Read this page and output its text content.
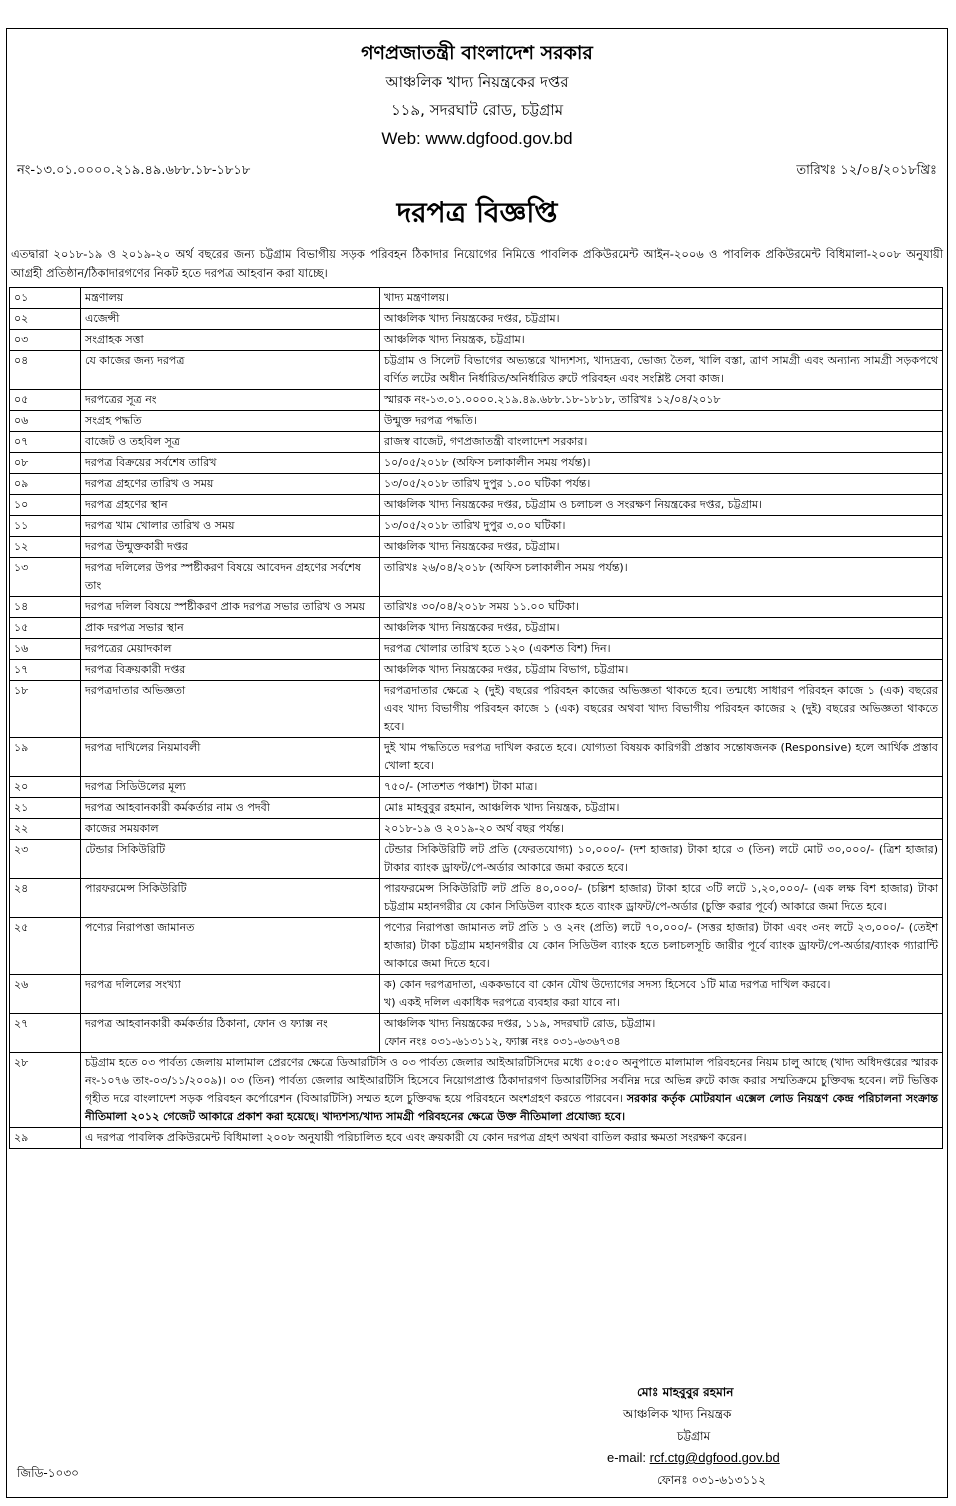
গণপ্রজাতন্ত্রী বাংলাদেশ সরকার
আঞ্চলিক খাদ্য নিয়ন্ত্রকের দপ্তর
১১৯, সদরঘাট রোড, চট্টগ্রাম
Web: www.dgfood.gov.bd
নং-১৩.০১.০০০০.২১৯.৪৯.৬৮৮.১৮-১৮১৮	তারিখঃ ১২/০৪/২০১৮খ্রিঃ
দরপত্র বিজ্ঞপ্তি
এতদ্বারা ২০১৮-১৯ ও ২০১৯-২০ অর্থ বছরের জন্য চট্টগ্রাম বিভাগীয় সড়ক পরিবহন ঠিকাদার নিয়োগের নিমিত্তে পাবলিক প্রকিউরমেন্ট আইন-২০০৬ ও পাবলিক প্রকিউরমেন্ট বিধিমালা-২০০৮ অনুযায়ী আগ্রহী প্রতিষ্ঠান/ঠিকাদারগণের নিকট হতে দরপত্র আহবান করা যাচ্ছে।
০১	মন্ত্রণালয়	খাদ্য মন্ত্রণালয়।
০২	এজেন্সী	আঞ্চলিক খাদ্য নিয়ন্ত্রকের দপ্তর, চট্টগ্রাম।
০৩	সংগ্রাহক সত্তা	আঞ্চলিক খাদ্য নিয়ন্ত্রক, চট্টগ্রাম।
০৪	যে কাজের জন্য দরপত্র	চট্টগ্রাম ও সিলেট বিভাগের অভ্যন্তরে খাদ্যশস্য, খাদ্যদ্রব্য, ভোজ্য তৈল, খালি বস্তা, ত্রাণ সামগ্রী এবং অন্যান্য সামগ্রী সড়কপথে বর্ণিত লটের অধীন নির্ধারিত/অনির্ধারিত রুটে পরিবহন এবং সংশ্লিষ্ট সেবা কাজ।
০৫	দরপত্রের সূত্র নং	স্মারক নং-১৩.০১.০০০০.২১৯.৪৯.৬৮৮.১৮-১৮১৮, তারিখঃ ১২/০৪/২০১৮
০৬	সংগ্রহ পদ্ধতি	উন্মুক্ত দরপত্র পদ্ধতি।
০৭	বাজেট ও তহবিল সূত্র	রাজস্ব বাজেট, গণপ্রজাতন্ত্রী বাংলাদেশ সরকার।
০৮	দরপত্র বিক্রয়ের সর্বশেষ তারিখ	১০/০৫/২০১৮ (অফিস চলাকালীন সময় পর্যন্ত)।
০৯	দরপত্র গ্রহণের তারিখ ও সময়	১৩/০৫/২০১৮ তারিখ দুপুর ১.০০ ঘটিকা পর্যন্ত।
১০	দরপত্র গ্রহণের স্থান	আঞ্চলিক খাদ্য নিয়ন্ত্রকের দপ্তর, চট্টগ্রাম ও চলাচল ও সংরক্ষণ নিয়ন্ত্রকের দপ্তর, চট্টগ্রাম।
১১	দরপত্র খাম খোলার তারিখ ও সময়	১৩/০৫/২০১৮ তারিখ দুপুর ৩.০০ ঘটিকা।
১২	দরপত্র উন্মুক্তকারী দপ্তর	আঞ্চলিক খাদ্য নিয়ন্ত্রকের দপ্তর, চট্টগ্রাম।
১৩	দরপত্র দলিলের উপর স্পষ্টীকরণ বিষয়ে আবেদন গ্রহণের সর্বশেষ তাং	তারিখঃ ২৬/০৪/২০১৮ (অফিস চলাকালীন সময় পর্যন্ত)।
১৪	দরপত্র দলিল বিষয়ে স্পষ্টীকরণ প্রাক দরপত্র সভার তারিখ ও সময়	তারিখঃ ৩০/০৪/২০১৮ সময় ১১.০০ ঘটিকা।
১৫	প্রাক দরপত্র সভার স্থান	আঞ্চলিক খাদ্য নিয়ন্ত্রকের দপ্তর, চট্টগ্রাম।
১৬	দরপত্রের মেয়াদকাল	দরপত্র খোলার তারিখ হতে ১২০ (একশত বিশ) দিন।
১৭	দরপত্র বিক্রয়কারী দপ্তর	আঞ্চলিক খাদ্য নিয়ন্ত্রকের দপ্তর, চট্টগ্রাম বিভাগ, চট্টগ্রাম।
১৮	দরপত্রদাতার অভিজ্ঞতা	দরপত্রদাতার ক্ষেত্রে ২ (দুই) বছরের পরিবহন কাজের অভিজ্ঞতা থাকতে হবে। তন্মধ্যে সাধারণ পরিবহন কাজে ১ (এক) বছরের এবং খাদ্য বিভাগীয় পরিবহন কাজে ১ (এক) বছরের অথবা খাদ্য বিভাগীয় পরিবহন কাজের ২ (দুই) বছরের অভিজ্ঞতা থাকতে হবে।
১৯	দরপত্র দাখিলের নিয়মাবলী	দুই খাম পদ্ধতিতে দরপত্র দাখিল করতে হবে। যোগ্যতা বিষয়ক কারিগরী প্রস্তাব সন্তোষজনক (Responsive) হলে আর্থিক প্রস্তাব খোলা হবে।
২০	দরপত্র সিডিউলের মূল্য	৭৫০/- (সাতশত পঞ্চাশ) টাকা মাত্র।
২১	দরপত্র আহবানকারী কর্মকর্তার নাম ও পদবী	মোঃ মাহবুবুর রহমান, আঞ্চলিক খাদ্য নিয়ন্ত্রক, চট্টগ্রাম।
২২	কাজের সময়কাল	২০১৮-১৯ ও ২০১৯-২০ অর্থ বছর পর্যন্ত।
২৩	টেন্ডার সিকিউরিটি	টেন্ডার সিকিউরিটি লট প্রতি (ফেরতযোগ্য) ১০,০০০/- (দশ হাজার) টাকা হারে ৩ (তিন) লটে মোট ৩০,০০০/- (ত্রিশ হাজার) টাকার ব্যাংক ড্রাফট/পে-অর্ডার আকারে জমা করতে হবে।
২৪	পারফরমেন্স সিকিউরিটি	পারফরমেন্স সিকিউরিটি লট প্রতি ৪০,০০০/- (চল্লিশ হাজার) টাকা হারে ৩টি লটে ১,২০,০০০/- (এক লক্ষ বিশ হাজার) টাকা চট্টগ্রাম মহানগরীর যে কোন সিডিউল ব্যাংক হতে ব্যাংক ড্রাফট/পে-অর্ডার (চুক্তি করার পূর্বে) আকারে জমা দিতে হবে।
২৫	পণ্যের নিরাপত্তা জামানত	পণ্যের নিরাপত্তা জামানত লট প্রতি ১ ও ২নং (প্রতি) লটে ৭০,০০০/- (সত্তর হাজার) টাকা এবং ৩নং লটে ২৩,০০০/- (তেইশ হাজার) টাকা চট্টগ্রাম মহানগরীর যে কোন সিডিউল ব্যাংক হতে চলাচলসূচি জারীর পূর্বে ব্যাংক ড্রাফট/পে-অর্ডার/ব্যাংক গ্যারান্টি আকারে জমা দিতে হবে।
২৬	দরপত্র দলিলের সংখ্যা	ক) কোন দরপত্রদাতা, এককভাবে বা কোন যৌথ উদ্যোগের সদস্য হিসেবে ১টি মাত্র দরপত্র দাখিল করবে।
খ) একই দলিল একাধিক দরপত্রে ব্যবহার করা যাবে না।

২৭	দরপত্র আহবানকারী কর্মকর্তার ঠিকানা, ফোন ও ফ্যাক্স নং	আঞ্চলিক খাদ্য নিয়ন্ত্রকের দপ্তর, ১১৯, সদরঘাট রোড, চট্টগ্রাম।
ফোন নংঃ ০৩১-৬১৩১১২, ফ্যাক্স নংঃ ০৩১-৬৩৬৭৩৪

২৮	চট্টগ্রাম হতে ০৩ পার্বত্য জেলায় মালামাল প্রেরণের ক্ষেত্রে ডিআরটিসি ও ০৩ পার্বত্য জেলার আইআরটিসিদের মধ্যে ৫০:৫০ অনুপাতে মালামাল পরিবহনের নিয়ম চালু আছে (খাদ্য অধিদপ্তরের স্মারক নং-১০৭৬ তাং-০৩/১১/২০০৯)। ০৩ (তিন) পার্বত্য জেলার আইআরটিসি হিসেবে নিয়োগপ্রাপ্ত ঠিকাদারগণ ডিআরটিসির সর্বনিম্ন দরে অভিন্ন রুটে কাজ করার সম্মতিক্রমে চুক্তিবদ্ধ হবেন। লট ভিত্তিক গৃহীত দরে বাংলাদেশ সড়ক পরিবহন কর্পোরেশন (বিআরটিসি) সম্মত হলে চুক্তিবদ্ধ হয়ে পরিবহনে অংশগ্রহণ করতে পারবেন। সরকার কর্তৃক মোটরযান এক্সেল লোড নিয়ন্ত্রণ কেন্দ্র পরিচালনা সংক্রান্ত নীতিমালা ২০১২ গেজেট আকারে প্রকাশ করা হয়েছে। খাদ্যশস্য/খাদ্য সামগ্রী পরিবহনের ক্ষেত্রে উক্ত নীতিমালা প্রযোজ্য হবে।	
২৯	এ দরপত্র পাবলিক প্রকিউরমেন্ট বিধিমালা ২০০৮ অনুযায়ী পরিচালিত হবে এবং ক্রয়কারী যে কোন দরপত্র গ্রহণ অথবা বাতিল করার ক্ষমতা সংরক্ষণ করেন।	
মোঃ মাহবুবুর রহমান
আঞ্চলিক খাদ্য নিয়ন্ত্রক
চট্টগ্রাম
e-mail: rcf.ctg@dgfood.gov.bd
ফোনঃ ০৩১-৬১৩১১২
জিডি-১০৩০
